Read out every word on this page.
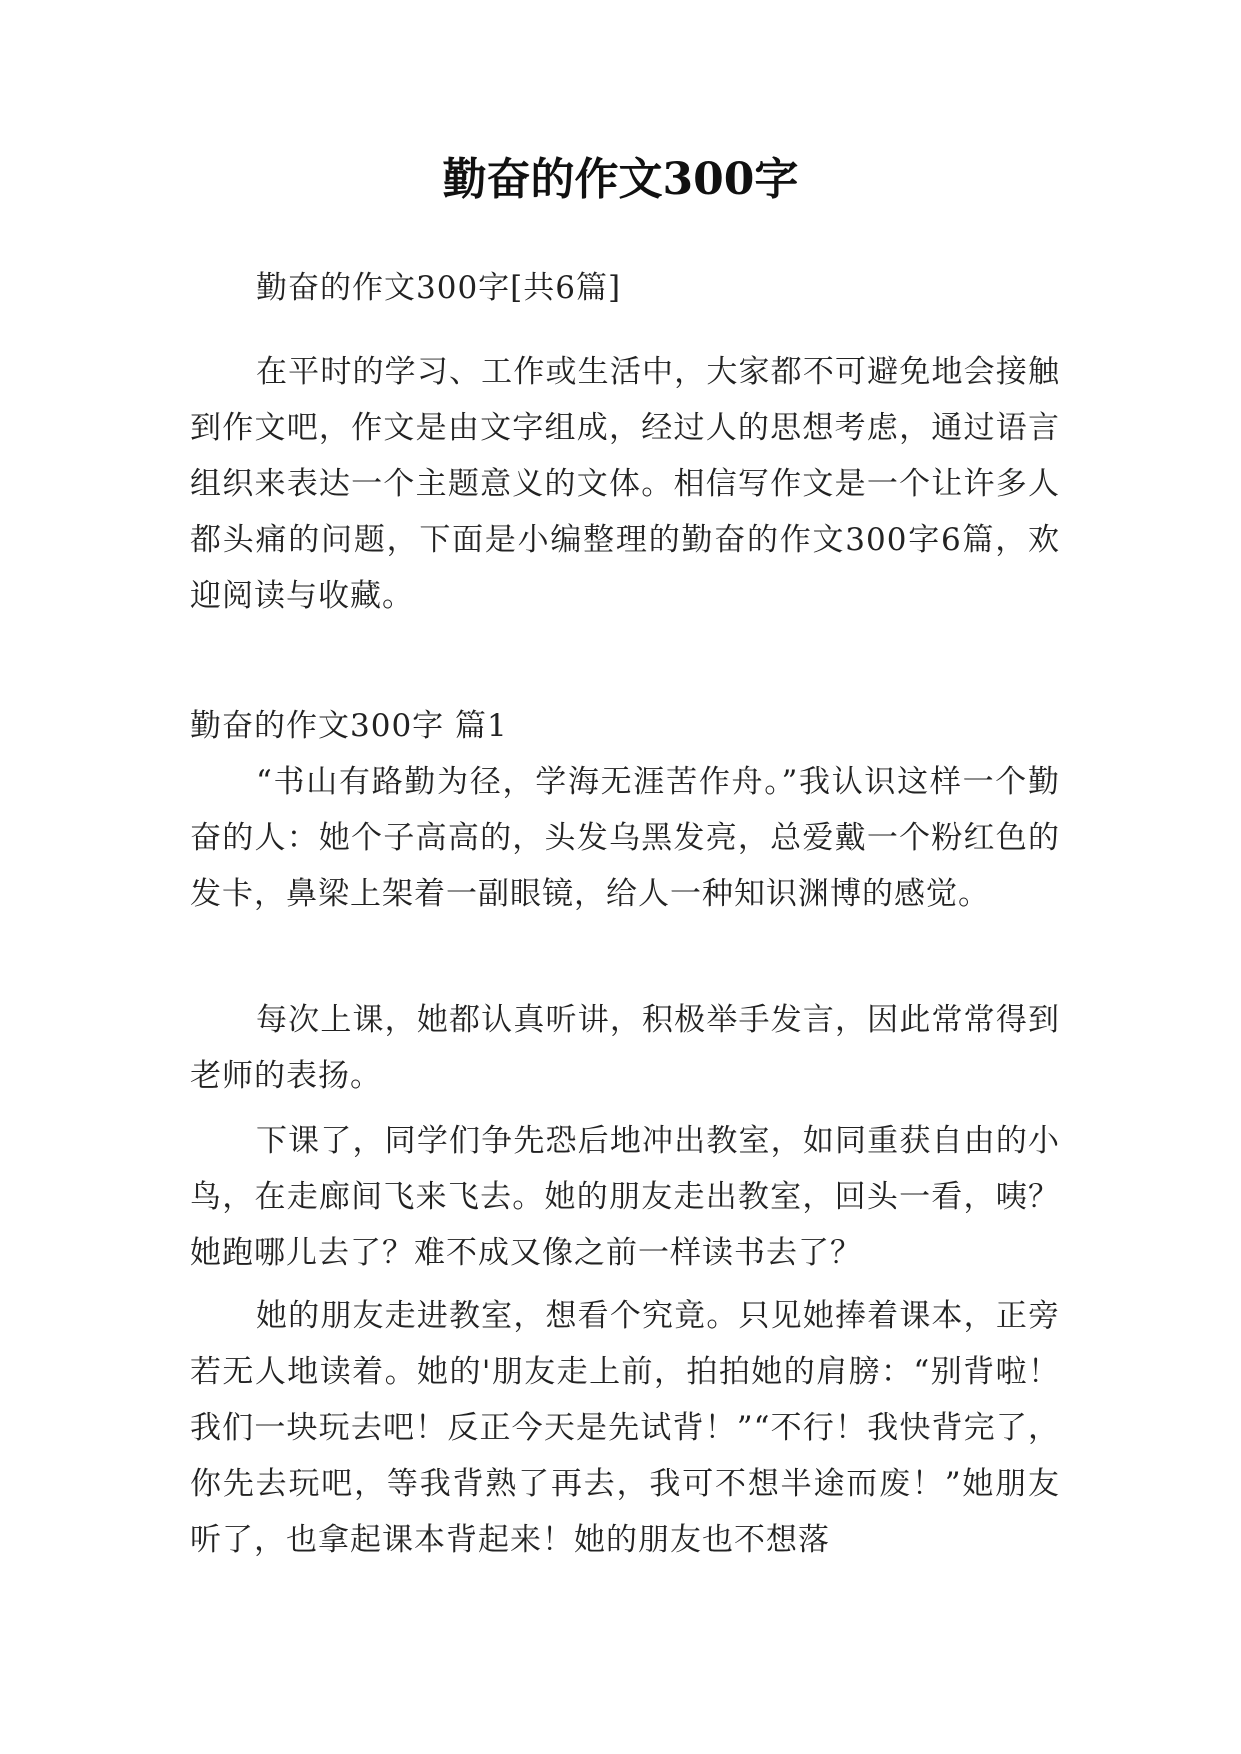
勤奋的作文300字

勤奋的作文300字[共6篇]

在平时的学习、工作或生活中，大家都不可避免地会接触到作文吧，作文是由文字组成，经过人的思想考虑，通过语言组织来表达一个主题意义的文体。相信写作文是一个让许多人都头痛的问题，下面是小编整理的勤奋的作文300字6篇，欢迎阅读与收藏。

勤奋的作文300字 篇1

“书山有路勤为径，学海无涯苦作舟。”我认识这样一个勤奋的人：她个子高高的，头发乌黑发亮，总爱戴一个粉红色的发卡，鼻梁上架着一副眼镜，给人一种知识渊博的感觉。

每次上课，她都认真听讲，积极举手发言，因此常常得到老师的表扬。

下课了，同学们争先恐后地冲出教室，如同重获自由的小鸟，在走廊间飞来飞去。她的朋友走出教室，回头一看，咦？她跑哪儿去了？难不成又像之前一样读书去了？

她的朋友走进教室，想看个究竟。只见她捧着课本，正旁若无人地读着。她的'朋友走上前，拍拍她的肩膀：“别背啦！我们一块玩去吧！反正今天是先试背！”“不行！我快背完了，你先去玩吧，等我背熟了再去，我可不想半途而废！”她朋友听了，也拿起课本背起来！她的朋友也不想落
